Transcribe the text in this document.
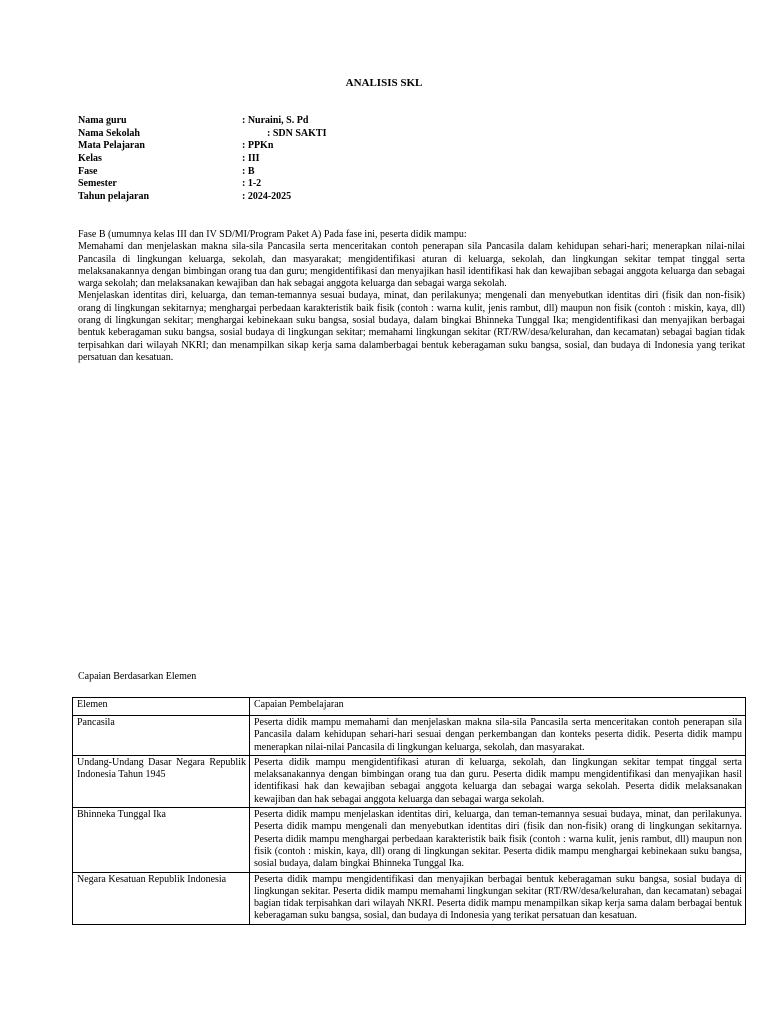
ANALISIS SKL
Nama guru	: Nuraini, S. Pd
Nama Sekolah	: SDN SAKTI
Mata Pelajaran	: PPKn
Kelas	: III
Fase	: B
Semester	: 1-2
Tahun pelajaran	: 2024-2025

Fase B (umumnya kelas III dan IV SD/MI/Program Paket A) Pada fase ini, peserta didik mampu:

Memahami dan menjelaskan makna sila-sila Pancasila serta menceritakan contoh penerapan sila Pancasila dalam kehidupan sehari-hari; menerapkan nilai-nilai Pancasila di lingkungan keluarga, sekolah, dan masyarakat; mengidentifikasi aturan di keluarga, sekolah, dan lingkungan sekitar tempat tinggal serta melaksanakannya dengan bimbingan orang tua dan guru; mengidentifikasi dan menyajikan hasil identifikasi hak dan kewajiban sebagai anggota keluarga dan sebagai warga sekolah; dan melaksanakan kewajiban dan hak sebagai anggota keluarga dan sebagai warga sekolah.

Menjelaskan identitas diri, keluarga, dan teman-temannya sesuai budaya, minat, dan perilakunya; mengenali dan menyebutkan identitas diri (fisik dan non-fisik) orang di lingkungan sekitarnya; menghargai perbedaan karakteristik baik fisik (contoh : warna kulit, jenis rambut, dll) maupun non fisik (contoh : miskin, kaya, dll) orang di lingkungan sekitar; menghargai kebinekaan suku bangsa, sosial budaya, dalam bingkai Bhinneka Tunggal Ika; mengidentifikasi dan menyajikan berbagai bentuk keberagaman suku bangsa, sosial budaya di lingkungan sekitar; memahami lingkungan sekitar (RT/RW/desa/kelurahan, dan kecamatan) sebagai bagian tidak terpisahkan dari wilayah NKRI; dan menampilkan sikap kerja sama dalamberbagai bentuk keberagaman suku bangsa, sosial, dan budaya di Indonesia yang terikat persatuan dan kesatuan.

Capaian Berdasarkan Elemen
Elemen	Capaian Pembelajaran
Pancasila	Peserta didik mampu memahami dan menjelaskan makna sila-sila Pancasila serta menceritakan contoh penerapan sila Pancasila dalam kehidupan sehari-hari sesuai dengan perkembangan dan konteks peserta didik. Peserta didik mampu menerapkan nilai-nilai Pancasila di lingkungan keluarga, sekolah, dan masyarakat.
Undang-Undang Dasar Negara Republik Indonesia Tahun 1945	Peserta didik mampu mengidentifikasi aturan di keluarga, sekolah, dan lingkungan sekitar tempat tinggal serta melaksanakannya dengan bimbingan orang tua dan guru. Peserta didik mampu mengidentifikasi dan menyajikan hasil identifikasi hak dan kewajiban sebagai anggota keluarga dan sebagai warga sekolah. Peserta didik melaksanakan kewajiban dan hak sebagai anggota keluarga dan sebagai warga sekolah.
Bhinneka Tunggal Ika	Peserta didik mampu menjelaskan identitas diri, keluarga, dan teman-temannya sesuai budaya, minat, dan perilakunya. Peserta didik mampu mengenali dan menyebutkan identitas diri (fisik dan non-fisik) orang di lingkungan sekitarnya. Peserta didik mampu menghargai perbedaan karakteristik baik fisik (contoh : warna kulit, jenis rambut, dll) maupun non fisik (contoh : miskin, kaya, dll) orang di lingkungan sekitar. Peserta didik mampu menghargai kebinekaan suku bangsa, sosial budaya, dalam bingkai Bhinneka Tunggal Ika.
Negara Kesatuan Republik Indonesia	Peserta didik mampu mengidentifikasi dan menyajikan berbagai bentuk keberagaman suku bangsa, sosial budaya di lingkungan sekitar. Peserta didik mampu memahami lingkungan sekitar (RT/RW/desa/kelurahan, dan kecamatan) sebagai bagian tidak terpisahkan dari wilayah NKRI. Peserta didik mampu menampilkan sikap kerja sama dalam berbagai bentuk keberagaman suku bangsa, sosial, dan budaya di Indonesia yang terikat persatuan dan kesatuan.
